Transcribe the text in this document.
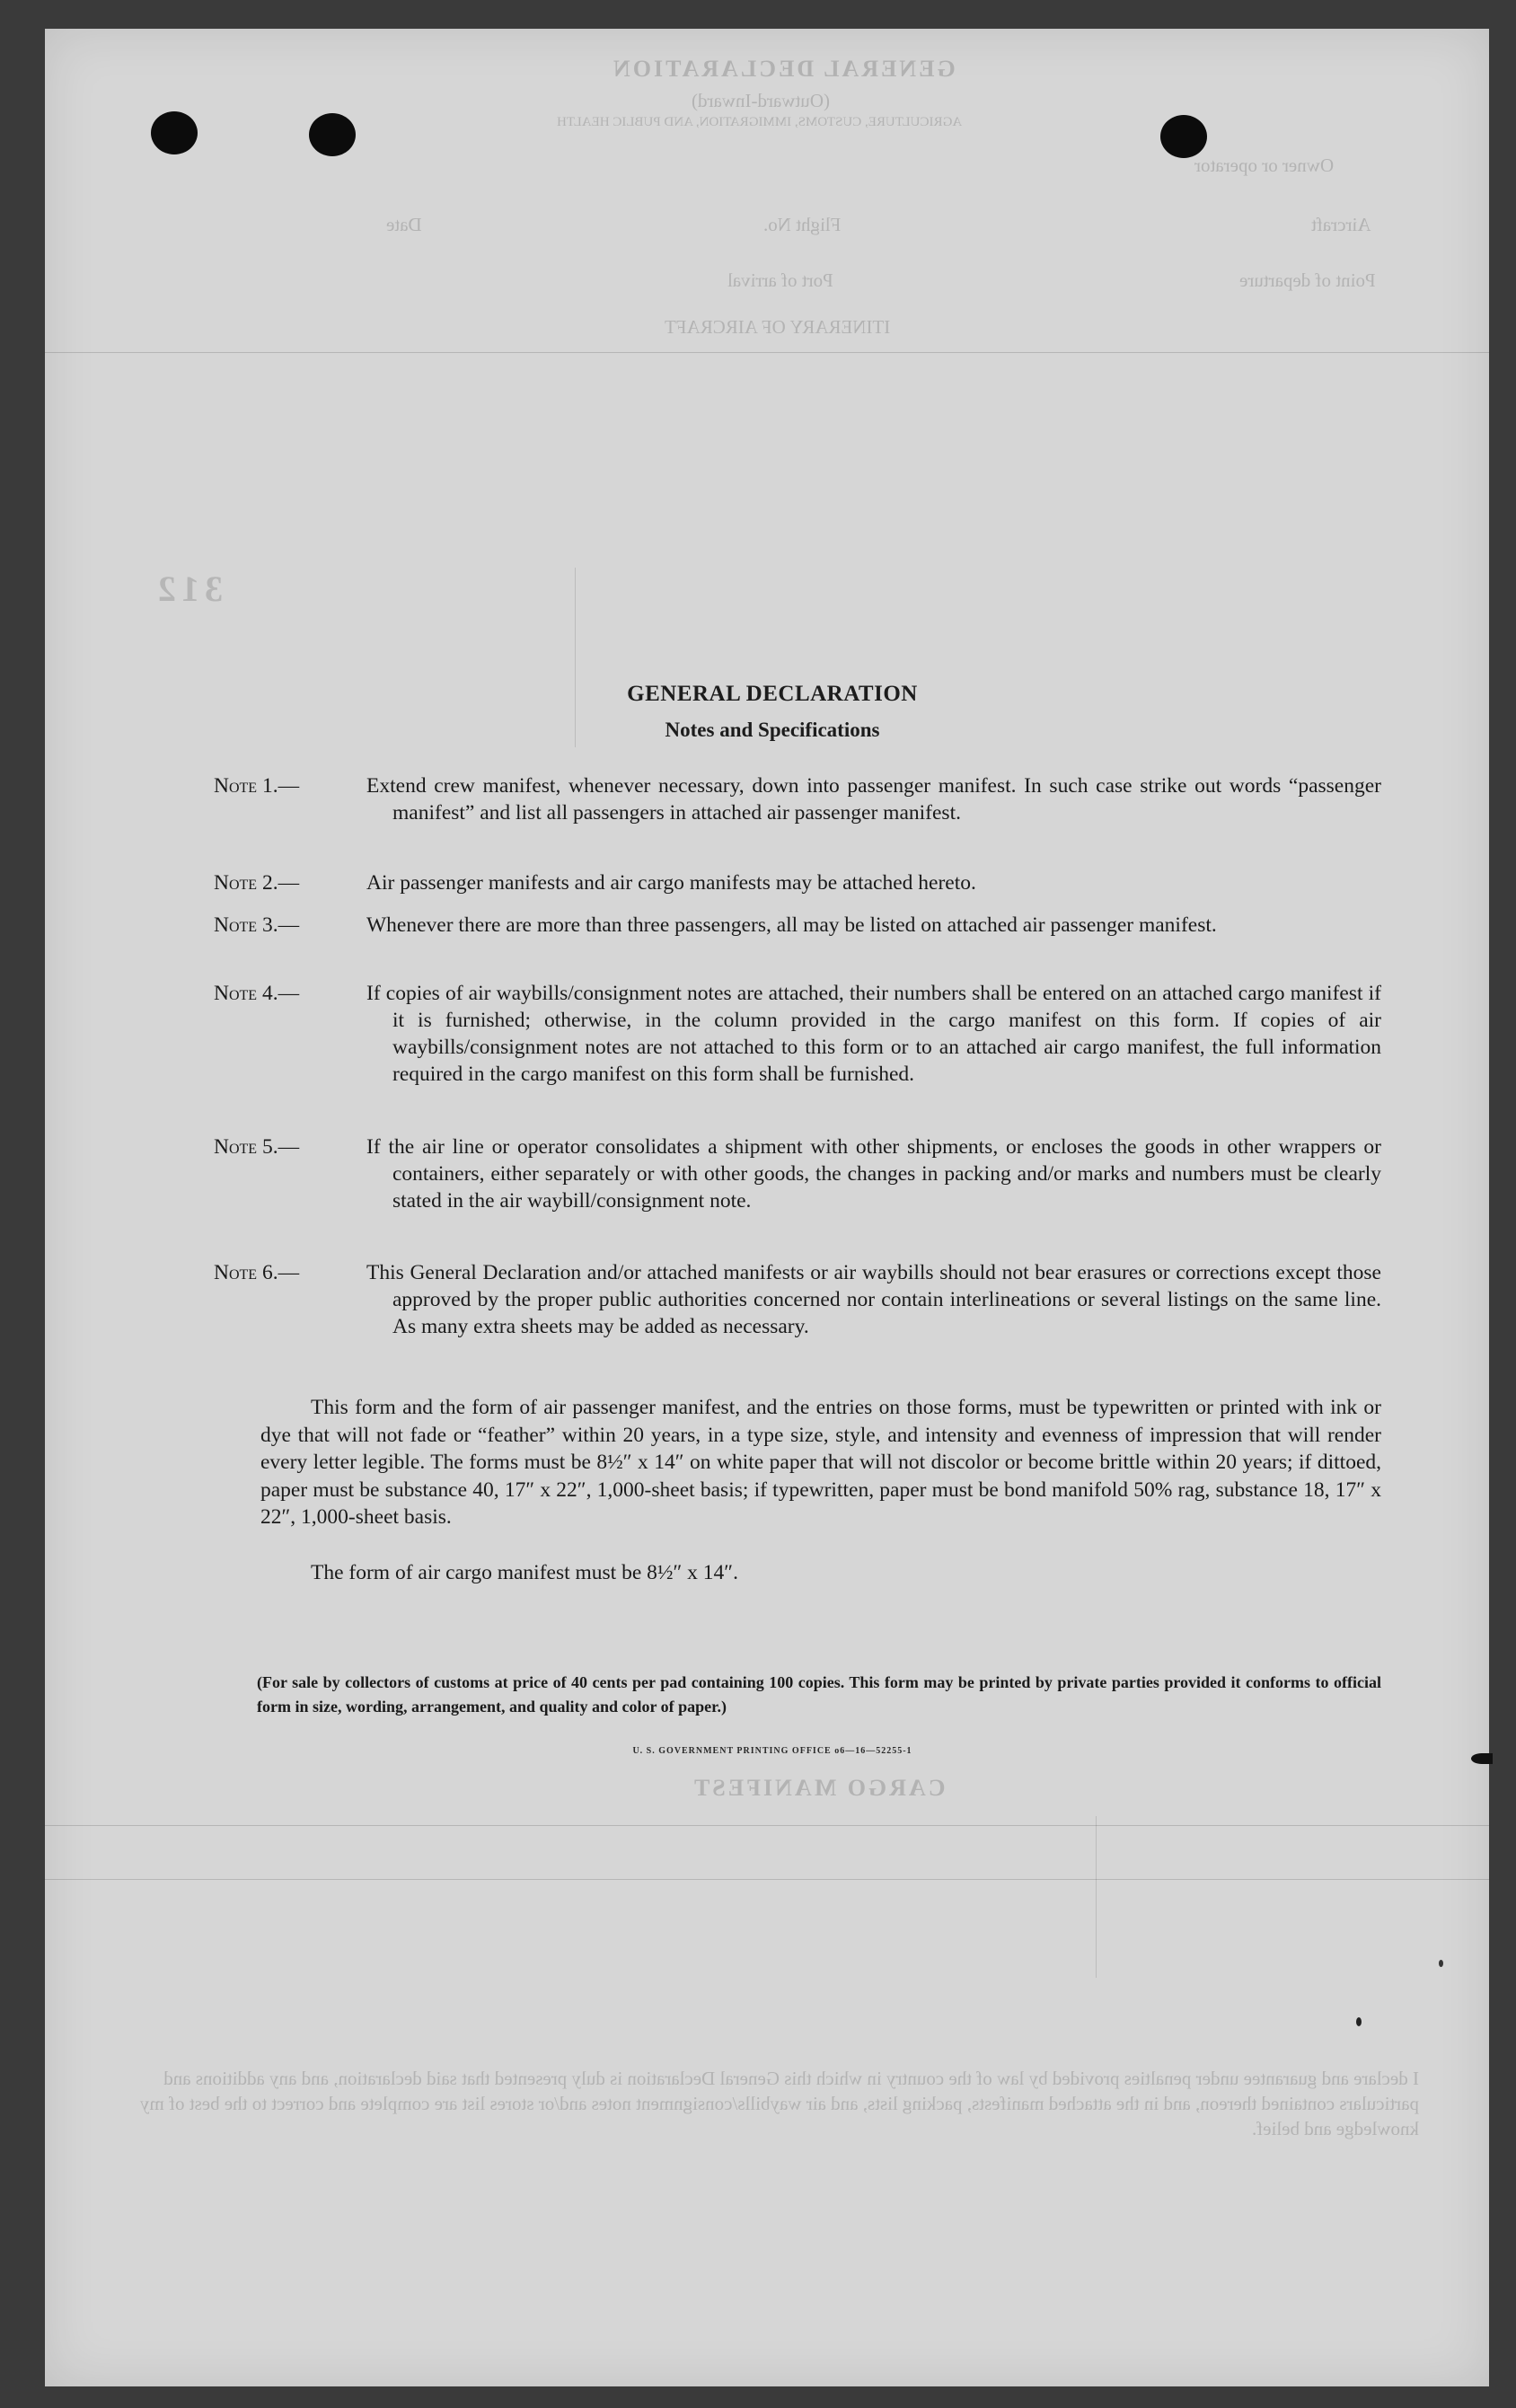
GENERAL DECLARATION
(Outward-Inward)
AGRICULTURE, CUSTOMS, IMMIGRATION, AND PUBLIC HEALTH
Owner or operator
Aircraft
Flight No.
Date
Point of departure
Port of arrival
ITINERARY OF AIRCRAFT
312
CARGO MANIFEST
I declare and guarantee under penalties provided by law of the country in which this General Declaration is duly presented that said declaration, and any additions and particulars contained thereon, and in the attached manifests, packing lists, and air waybills/consignment notes and/or stores list are complete and correct to the best of my knowledge and belief.
GENERAL DECLARATION
Notes and Specifications
Note 1.—	Extend crew manifest, whenever necessary, down into passenger manifest. In such case strike out words “passenger manifest” and list all passengers in attached air passenger manifest.
Note 2.—	Air passenger manifests and air cargo manifests may be attached hereto.
Note 3.—	Whenever there are more than three passengers, all may be listed on attached air passenger manifest.
Note 4.—	If copies of air waybills/consignment notes are attached, their numbers shall be entered on an attached cargo manifest if it is furnished; otherwise, in the column provided in the cargo manifest on this form. If copies of air waybills/consignment notes are not attached to this form or to an attached air cargo manifest, the full information required in the cargo manifest on this form shall be furnished.
Note 5.—	If the air line or operator consolidates a shipment with other shipments, or encloses the goods in other wrappers or containers, either separately or with other goods, the changes in packing and/or marks and numbers must be clearly stated in the air waybill/consignment note.
Note 6.—	This General Declaration and/or attached manifests or air waybills should not bear erasures or corrections except those approved by the proper public authorities concerned nor contain interlineations or several listings on the same line. As many extra sheets may be added as necessary.
This form and the form of air passenger manifest, and the entries on those forms, must be typewritten or printed with ink or dye that will not fade or “feather” within 20 years, in a type size, style, and intensity and evenness of impression that will render every letter legible. The forms must be 8½″ x 14″ on white paper that will not discolor or become brittle within 20 years; if dittoed, paper must be substance 40, 17″ x 22″, 1,000-sheet basis; if typewritten, paper must be bond manifold 50% rag, substance 18, 17″ x 22″, 1,000-sheet basis.
The form of air cargo manifest must be 8½″ x 14″.
(For sale by collectors of customs at price of 40 cents per pad containing 100 copies. This form may be printed by private parties provided it conforms to official form in size, wording, arrangement, and quality and color of paper.)
U. S. GOVERNMENT PRINTING OFFICE o6—16—52255-1
